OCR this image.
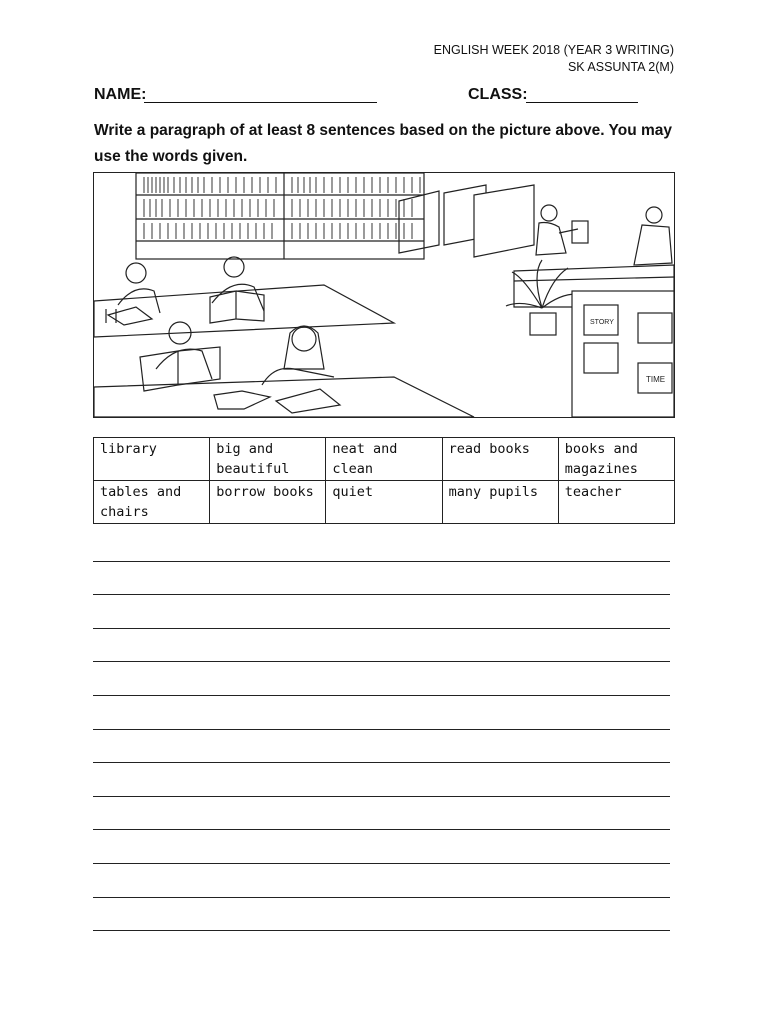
ENGLISH WEEK 2018 (YEAR 3 WRITING)
SK ASSUNTA 2(M)
NAME:	CLASS:
Write a paragraph of at least 8 sentences based on the picture above. You may use the words given.
STORY
TIME
library	big and beautiful	neat and clean	read books	books and magazines
tables and chairs	borrow books	quiet	many pupils	teacher
